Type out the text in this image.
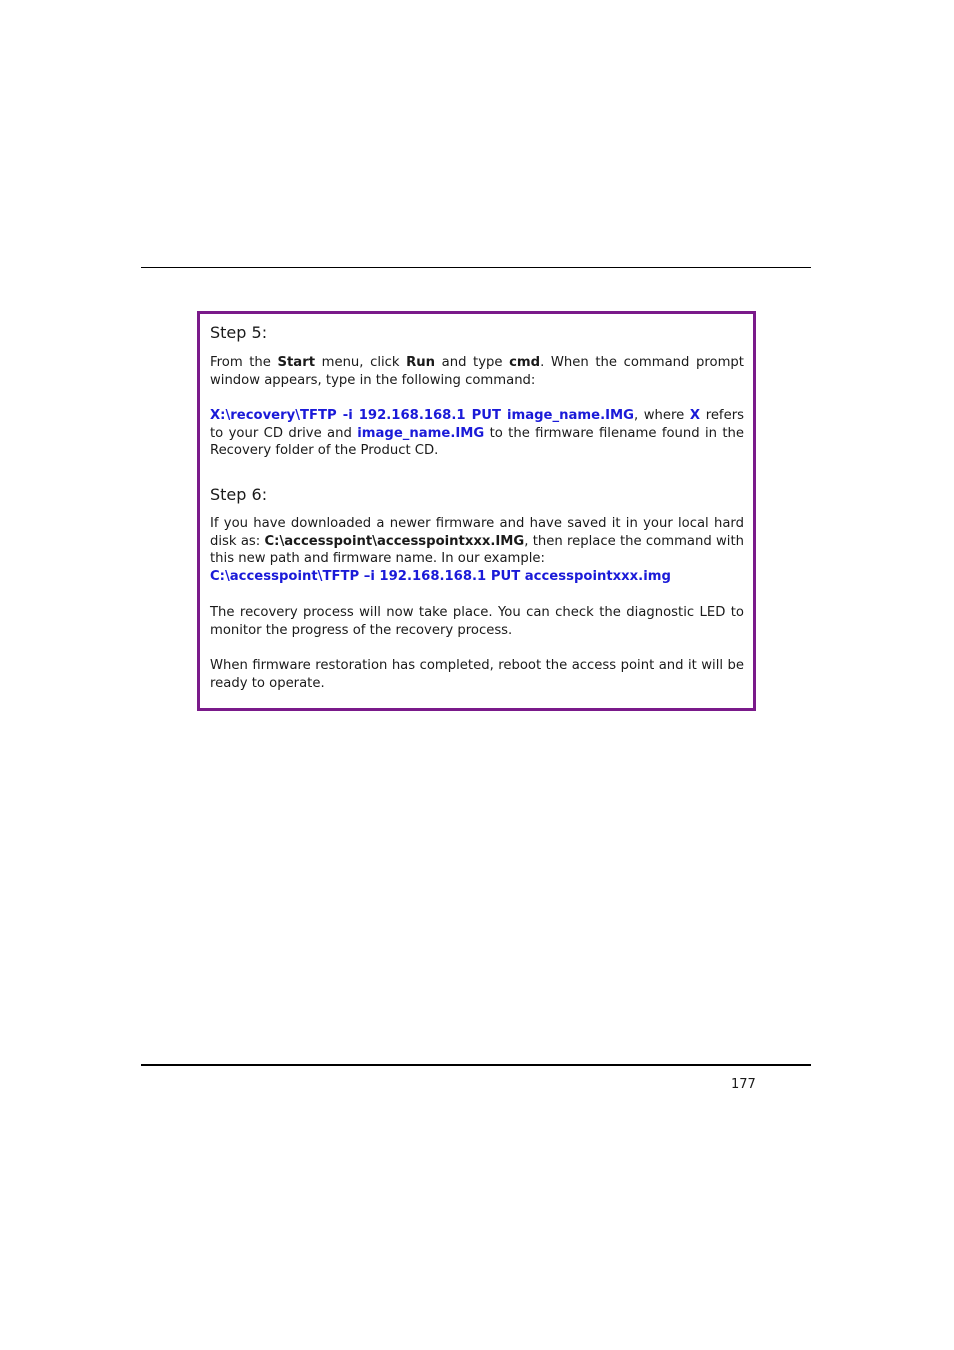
Step 5:

From the Start menu, click Run and type cmd. When the command prompt window appears, type in the following command:

X:\recovery\TFTP -i 192.168.168.1 PUT image_name.IMG, where X refers to your CD drive and image_name.IMG to the firmware filename found in the Recovery folder of the Product CD.

Step 6:

If you have downloaded a newer firmware and have saved it in your local hard disk as: C:\accesspoint\accesspointxxx.IMG, then replace the command with this new path and firmware name. In our example:
C:\accesspoint\TFTP –i 192.168.168.1 PUT accesspointxxx.img

The recovery process will now take place. You can check the diagnostic LED to monitor the progress of the recovery process.

When firmware restoration has completed, reboot the access point and it will be ready to operate.

177
